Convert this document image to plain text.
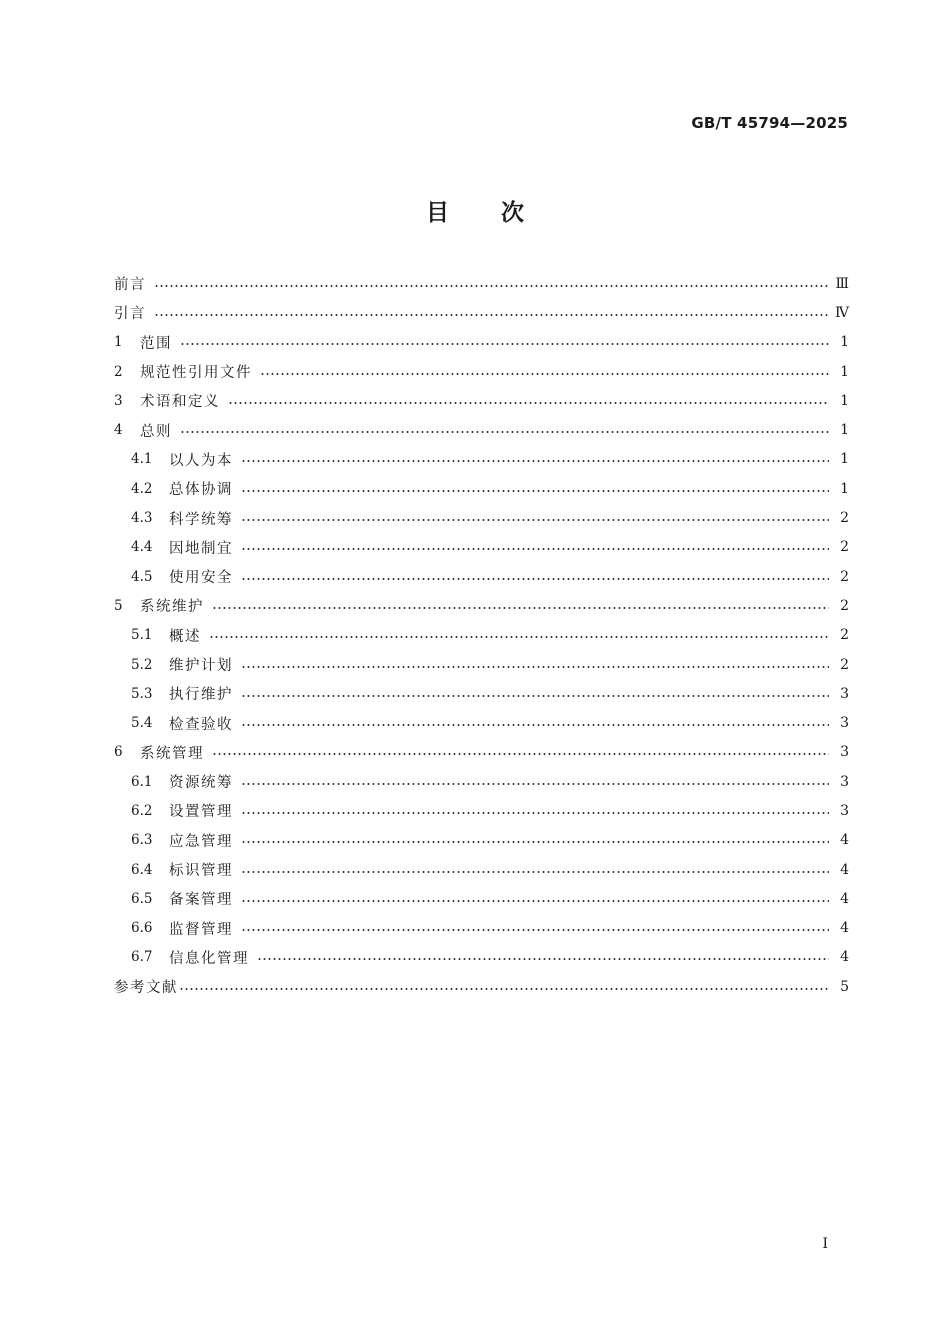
GB/T 45794—2025
目次
前言	Ⅲ
引言	Ⅳ
1	范围	1
2	规范性引用文件	1
3	术语和定义	1
4	总则	1
4.1	以人为本	1
4.2	总体协调	1
4.3	科学统筹	2
4.4	因地制宜	2
4.5	使用安全	2
5	系统维护	2
5.1	概述	2
5.2	维护计划	2
5.3	执行维护	3
5.4	检查验收	3
6	系统管理	3
6.1	资源统筹	3
6.2	设置管理	3
6.3	应急管理	4
6.4	标识管理	4
6.5	备案管理	4
6.6	监督管理	4
6.7	信息化管理	4
参考文献	5
I
